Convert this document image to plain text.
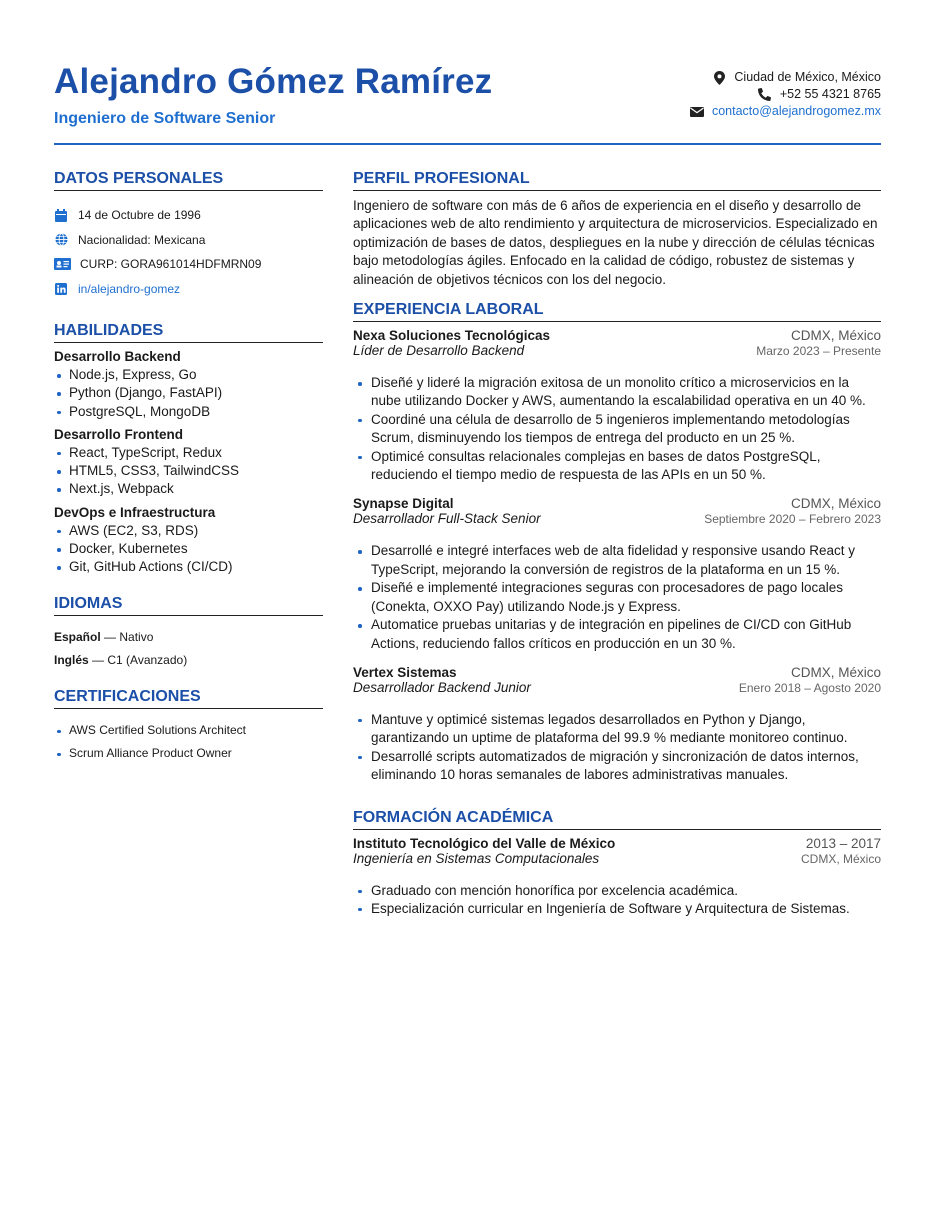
Alejandro Gómez Ramírez
Ingeniero de Software Senior
Ciudad de México, México
+52 55 4321 8765
contacto@alejandrogomez.mx
DATOS PERSONALES
14 de Octubre de 1996
Nacionalidad: Mexicana
CURP: GORA961014HDFMRN09
in/alejandro-gomez
HABILIDADES
Desarrollo Backend
Node.js, Express, Go
Python (Django, FastAPI)
PostgreSQL, MongoDB
Desarrollo Frontend
React, TypeScript, Redux
HTML5, CSS3, TailwindCSS
Next.js, Webpack
DevOps e Infraestructura
AWS (EC2, S3, RDS)
Docker, Kubernetes
Git, GitHub Actions (CI/CD)
IDIOMAS
Español — Nativo
Inglés — C1 (Avanzado)
CERTIFICACIONES
AWS Certified Solutions Architect
Scrum Alliance Product Owner
PERFIL PROFESIONAL

Ingeniero de software con más de 6 años de experiencia en el diseño y desarrollo de aplicaciones web de alto rendimiento y arquitectura de microservicios. Especializado en optimización de bases de datos, despliegues en la nube y dirección de células técnicas bajo metodologías ágiles. Enfocado en la calidad de código, robustez de sistemas y alineación de objetivos técnicos con los del negocio.

EXPERIENCIA LABORAL
Nexa Soluciones Tecnológicas	CDMX, México
Líder de Desarrollo Backend	Marzo 2023 – Presente
Diseñé y lideré la migración exitosa de un monolito crítico a microservicios en la nube utilizando Docker y AWS, aumentando la escalabilidad operativa en un 40 %.
Coordiné una célula de desarrollo de 5 ingenieros implementando metodologías Scrum, disminuyendo los tiempos de entrega del producto en un 25 %.
Optimicé consultas relacionales complejas en bases de datos PostgreSQL, reduciendo el tiempo medio de respuesta de las APIs en un 50 %.
Synapse Digital	CDMX, México
Desarrollador Full-Stack Senior	Septiembre 2020 – Febrero 2023
Desarrollé e integré interfaces web de alta fidelidad y responsive usando React y TypeScript, mejorando la conversión de registros de la plataforma en un 15 %.
Diseñé e implementé integraciones seguras con procesadores de pago locales (Conekta, OXXO Pay) utilizando Node.js y Express.
Automatice pruebas unitarias y de integración en pipelines de CI/CD con GitHub Actions, reduciendo fallos críticos en producción en un 30 %.
Vertex Sistemas	CDMX, México
Desarrollador Backend Junior	Enero 2018 – Agosto 2020
Mantuve y optimicé sistemas legados desarrollados en Python y Django, garantizando un uptime de plataforma del 99.9 % mediante monitoreo continuo.
Desarrollé scripts automatizados de migración y sincronización de datos internos, eliminando 10 horas semanales de labores administrativas manuales.
FORMACIÓN ACADÉMICA
Instituto Tecnológico del Valle de México	2013 – 2017
Ingeniería en Sistemas Computacionales	CDMX, México
Graduado con mención honorífica por excelencia académica.
Especialización curricular en Ingeniería de Software y Arquitectura de Sistemas.
